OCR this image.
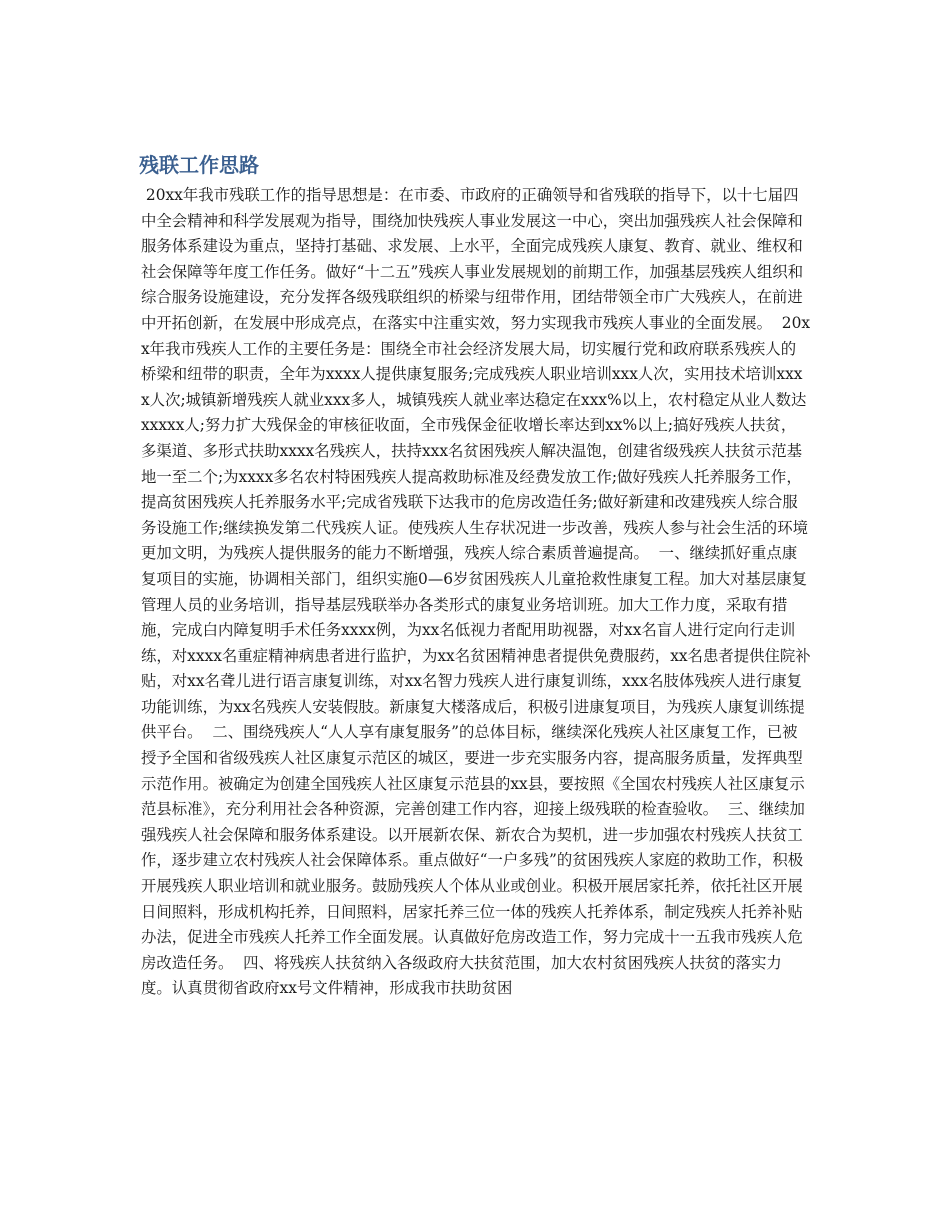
残联工作思路

20xx年我市残联工作的指导思想是：在市委、市政府的正确领导和省残联的指导下，以十七届四中全会精神和科学发展观为指导，围绕加快残疾人事业发展这一中心，突出加强残疾人社会保障和服务体系建设为重点，坚持打基础、求发展、上水平，全面完成残疾人康复、教育、就业、维权和社会保障等年度工作任务。做好“十二五”残疾人事业发展规划的前期工作，加强基层残疾人组织和综合服务设施建设，充分发挥各级残联组织的桥梁与纽带作用，团结带领全市广大残疾人，在前进中开拓创新，在发展中形成亮点，在落实中注重实效，努力实现我市残疾人事业的全面发展。  20xx年我市残疾人工作的主要任务是：围绕全市社会经济发展大局，切实履行党和政府联系残疾人的桥梁和纽带的职责，全年为xxxx人提供康复服务;完成残疾人职业培训xxx人次，实用技术培训xxxx人次;城镇新增残疾人就业xxx多人，城镇残疾人就业率达稳定在xxx%以上，农村稳定从业人数达xxxxx人;努力扩大残保金的审核征收面，全市残保金征收增长率达到xx%以上;搞好残疾人扶贫，多渠道、多形式扶助xxxx名残疾人，扶持xxx名贫困残疾人解决温饱，创建省级残疾人扶贫示范基地一至二个;为xxxx多名农村特困残疾人提高救助标准及经费发放工作;做好残疾人托养服务工作，提高贫困残疾人托养服务水平;完成省残联下达我市的危房改造任务;做好新建和改建残疾人综合服务设施工作;继续换发第二代残疾人证。使残疾人生存状况进一步改善，残疾人参与社会生活的环境更加文明，为残疾人提供服务的能力不断增强，残疾人综合素质普遍提高。  一、继续抓好重点康复项目的实施，协调相关部门，组织实施0—6岁贫困残疾人儿童抢救性康复工程。加大对基层康复管理人员的业务培训，指导基层残联举办各类形式的康复业务培训班。加大工作力度，采取有措施，完成白内障复明手术任务xxxx例，为xx名低视力者配用助视器，对xx名盲人进行定向行走训练，对xxxx名重症精神病患者进行监护，为xx名贫困精神患者提供免费服药，xx名患者提供住院补贴，对xx名聋儿进行语言康复训练，对xx名智力残疾人进行康复训练，xxx名肢体残疾人进行康复功能训练，为xx名残疾人安装假肢。新康复大楼落成后，积极引进康复项目，为残疾人康复训练提供平台。  二、围绕残疾人“人人享有康复服务”的总体目标，继续深化残疾人社区康复工作，已被授予全国和省级残疾人社区康复示范区的城区，要进一步充实服务内容，提高服务质量，发挥典型示范作用。被确定为创建全国残疾人社区康复示范县的xx县，要按照《全国农村残疾人社区康复示范县标准》，充分利用社会各种资源，完善创建工作内容，迎接上级残联的检查验收。  三、继续加强残疾人社会保障和服务体系建设。以开展新农保、新农合为契机，进一步加强农村残疾人扶贫工作，逐步建立农村残疾人社会保障体系。重点做好“一户多残”的贫困残疾人家庭的救助工作，积极开展残疾人职业培训和就业服务。鼓励残疾人个体从业或创业。积极开展居家托养，依托社区开展日间照料，形成机构托养，日间照料，居家托养三位一体的残疾人托养体系，制定残疾人托养补贴办法，促进全市残疾人托养工作全面发展。认真做好危房改造工作，努力完成十一五我市残疾人危房改造任务。  四、将残疾人扶贫纳入各级政府大扶贫范围，加大农村贫困残疾人扶贫的落实力度。认真贯彻省政府xx号文件精神，形成我市扶助贫困
